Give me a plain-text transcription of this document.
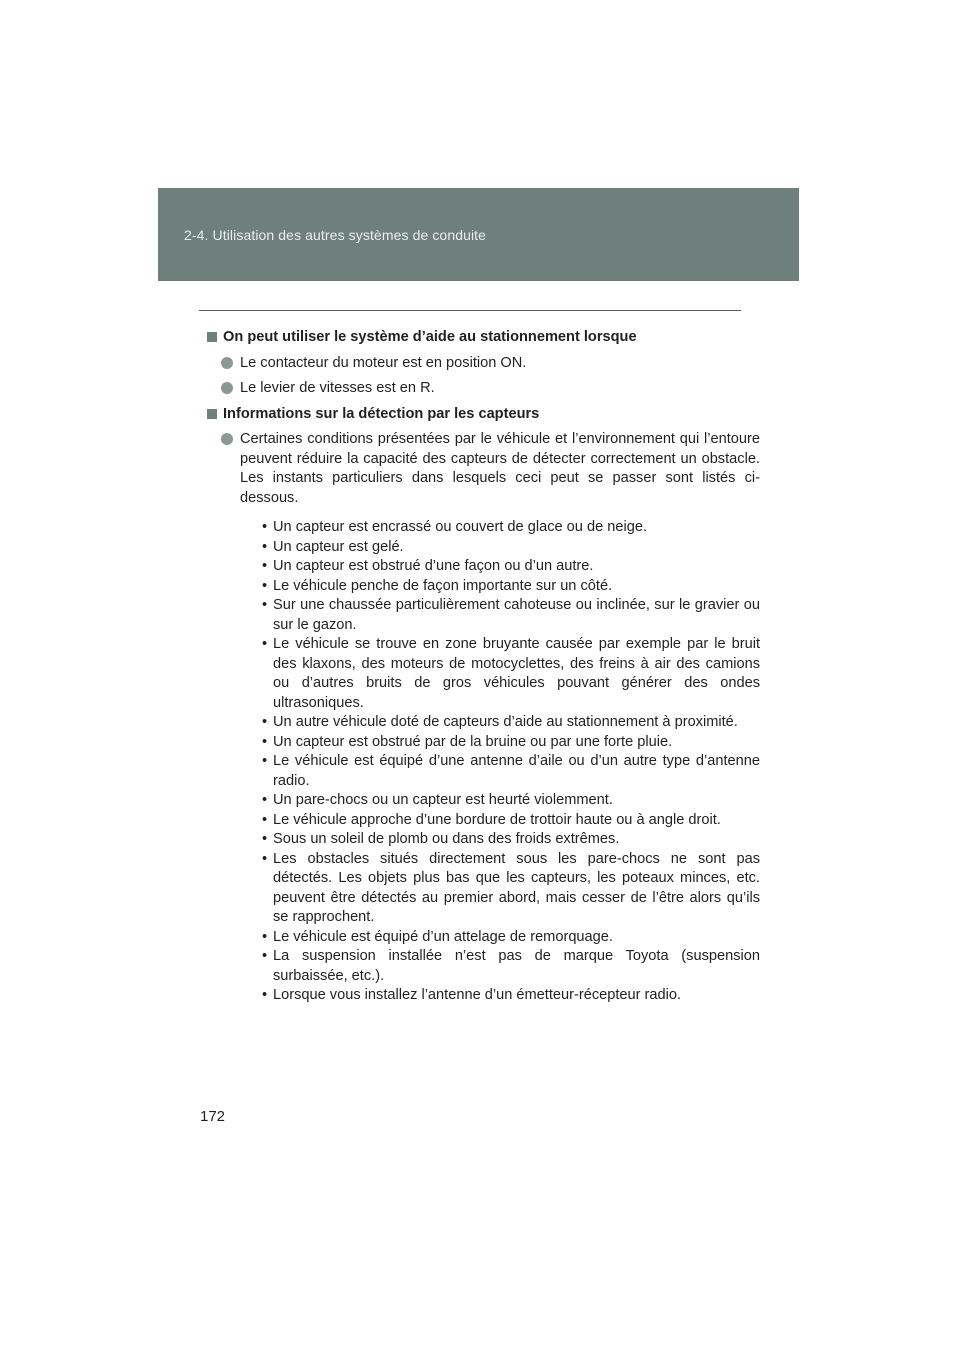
2-4. Utilisation des autres systèmes de conduite
On peut utiliser le système d’aide au stationnement lorsque
Le contacteur du moteur est en position ON.
Le levier de vitesses est en R.
Informations sur la détection par les capteurs
Certaines conditions présentées par le véhicule et l’environnement qui l’entoure peuvent réduire la capacité des capteurs de détecter correctement un obstacle. Les instants particuliers dans lesquels ceci peut se passer sont listés ci-dessous.
• Un capteur est encrassé ou couvert de glace ou de neige.
• Un capteur est gelé.
• Un capteur est obstrué d’une façon ou d’un autre.
• Le véhicule penche de façon importante sur un côté.
• Sur une chaussée particulièrement cahoteuse ou inclinée, sur le gravier ou sur le gazon.
• Le véhicule se trouve en zone bruyante causée par exemple par le bruit des klaxons, des moteurs de motocyclettes, des freins à air des camions ou d’autres bruits de gros véhicules pouvant générer des ondes ultrasoniques.
• Un autre véhicule doté de capteurs d’aide au stationnement à proximité.
• Un capteur est obstrué par de la bruine ou par une forte pluie.
• Le véhicule est équipé d’une antenne d’aile ou d’un autre type d’antenne radio.
• Un pare-chocs ou un capteur est heurté violemment.
• Le véhicule approche d’une bordure de trottoir haute ou à angle droit.
• Sous un soleil de plomb ou dans des froids extrêmes.
• Les obstacles situés directement sous les pare-chocs ne sont pas détectés. Les objets plus bas que les capteurs, les poteaux minces, etc. peuvent être détectés au premier abord, mais cesser de l’être alors qu’ils se rapprochent.
• Le véhicule est équipé d’un attelage de remorquage.
• La suspension installée n’est pas de marque Toyota (suspension surbaissée, etc.).
• Lorsque vous installez l’antenne d’un émetteur-récepteur radio.
172
